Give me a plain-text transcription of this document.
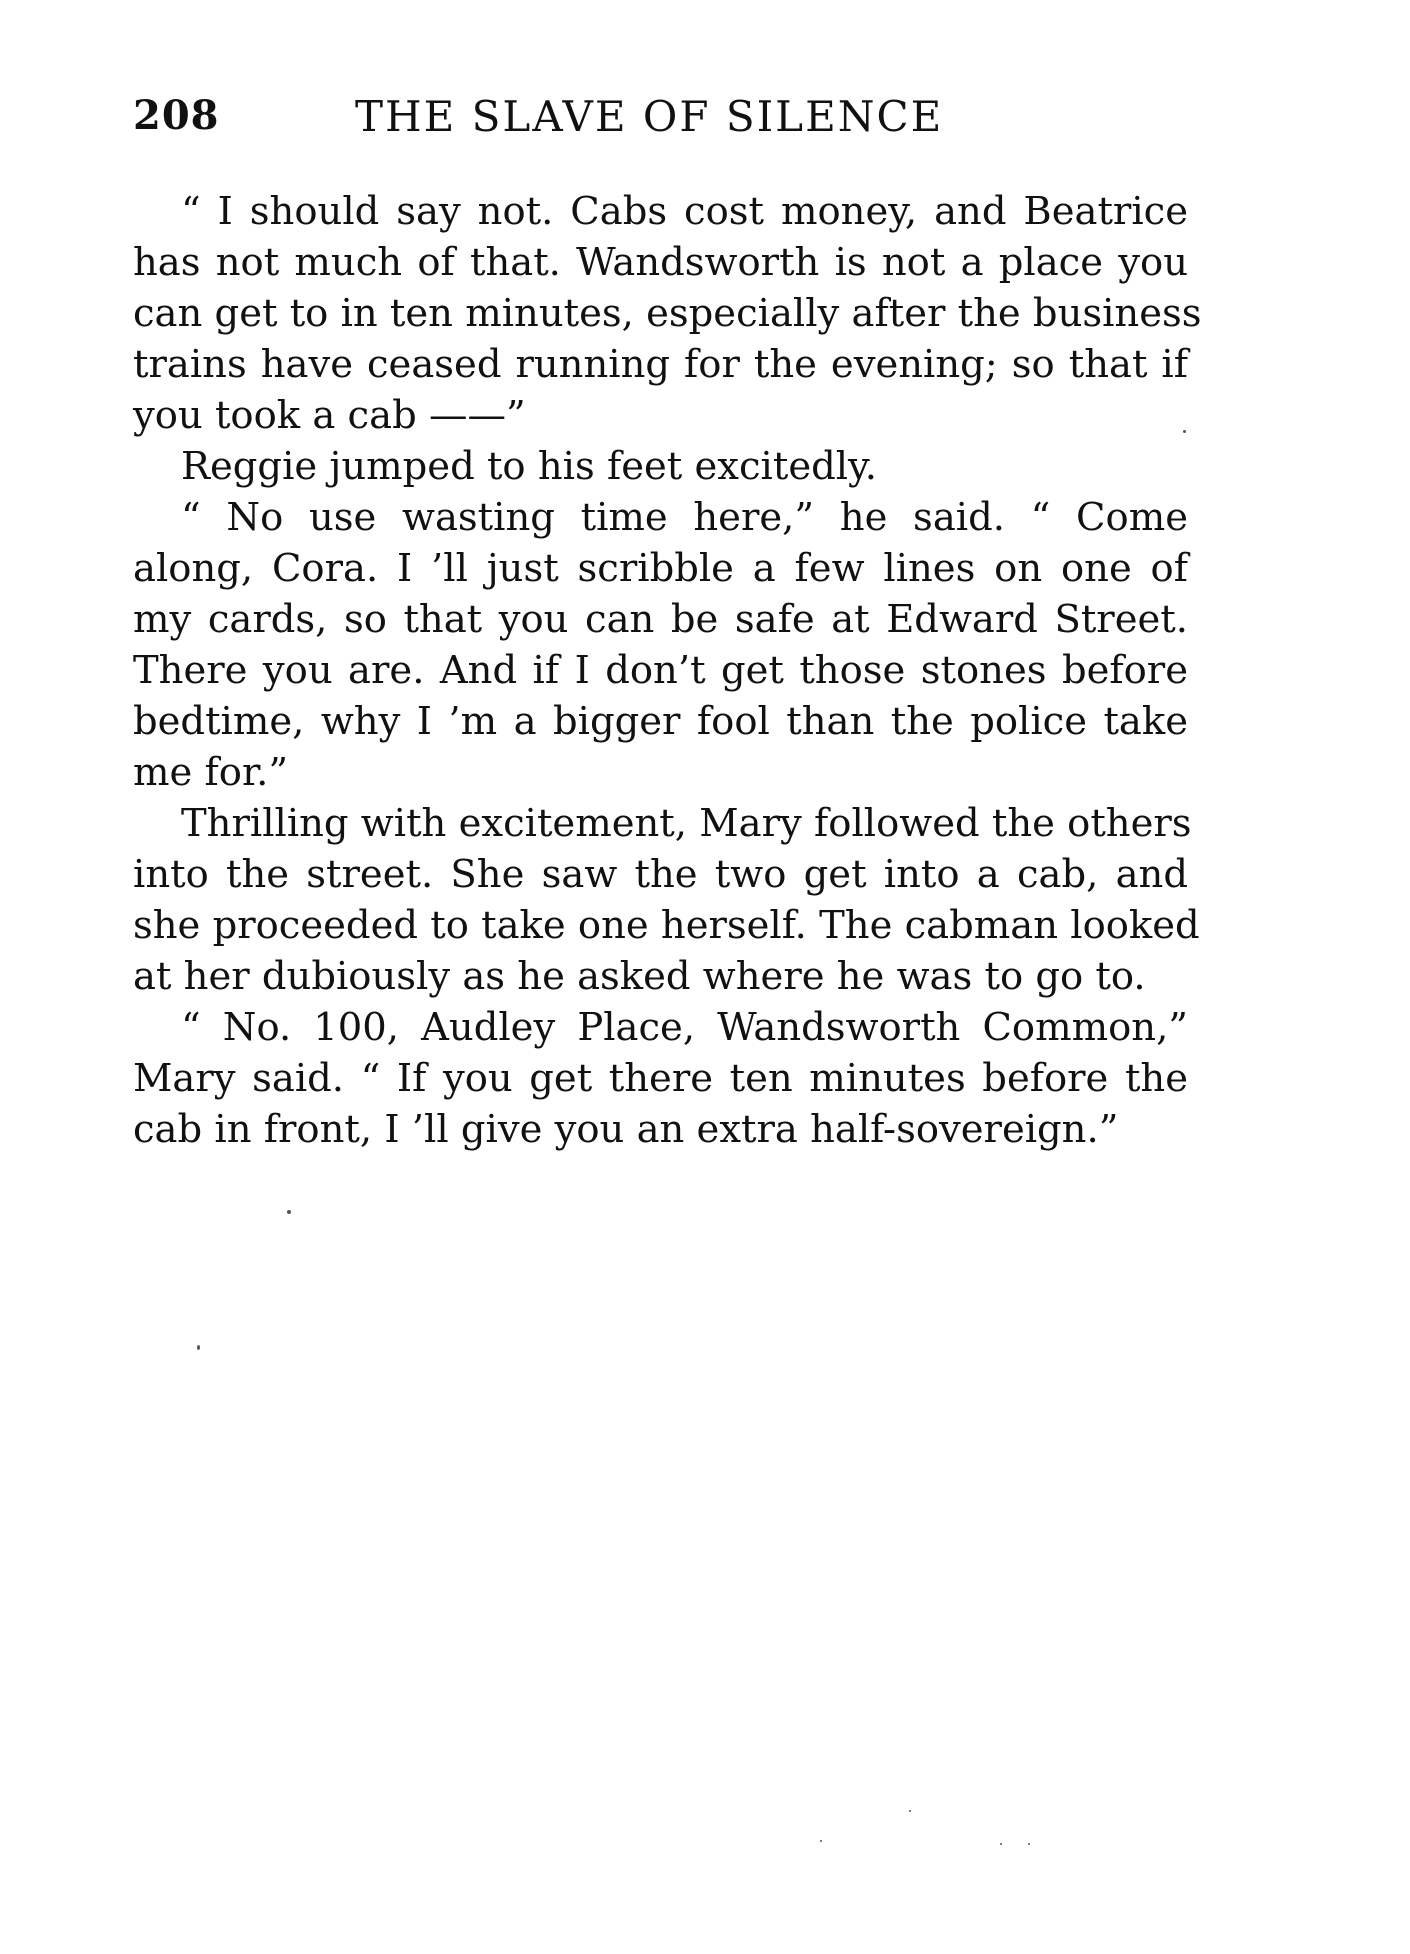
208	THE SLAVE OF SILENCE
“ I should say not. Cabs cost money, and Beatrice
has not much of that. Wandsworth is not a place you
can get to in ten minutes, especially after the business
trains have ceased running for the evening; so that if
you took a cab ——”
Reggie jumped to his feet excitedly.
“ No use wasting time here,” he said. “ Come
along, Cora. I ’ll just scribble a few lines on one of
my cards, so that you can be safe at Edward Street.
There you are. And if I don’t get those stones before
bedtime, why I ’m a bigger fool than the police take
me for.”
Thrilling with excitement, Mary followed the others
into the street. She saw the two get into a cab, and
she proceeded to take one herself. The cabman looked
at her dubiously as he asked where he was to go to.
“ No. 100, Audley Place, Wandsworth Common,”
Mary said. “ If you get there ten minutes before the
cab in front, I ’ll give you an extra half-sovereign.”
